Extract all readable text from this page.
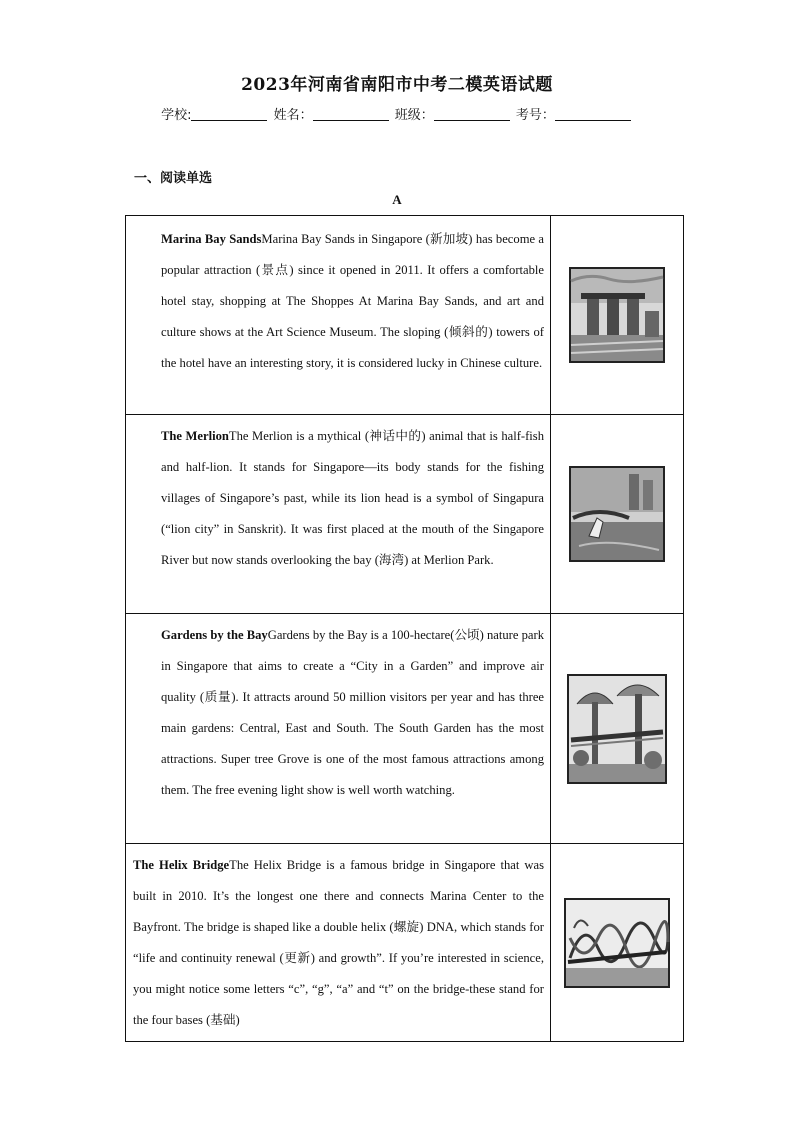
2023年河南省南阳市中考二模英语试题
学校:	姓名：	班级：	考号：
一、阅读单选
A

Marina Bay SandsMarina Bay Sands in Singapore (新加坡) has become a popular attraction (景点) since it opened in 2011. It offers a comfortable hotel stay, shopping at The Shoppes At Marina Bay Sands, and art and culture shows at the Art Science Museum. The sloping (倾斜的) towers of the hotel have an interesting story, it is considered lucky in Chinese culture.

The MerlionThe Merlion is a mythical (神话中的) animal that is half-fish and half-lion. It stands for Singapore—its body stands for the fishing villages of Singapore’s past, while its lion head is a symbol of Singapura (“lion city” in Sanskrit). It was first placed at the mouth of the Singapore River but now stands overlooking the bay (海湾) at Merlion Park.

Gardens by the BayGardens by the Bay is a 100-hectare(公顷) nature park in Singapore that aims to create a “City in a Garden” and improve air quality (质量). It attracts around 50 million visitors per year and has three main gardens: Central, East and South. The South Garden has the most attractions. Super tree Grove is one of the most famous attractions among them. The free evening light show is well worth watching.

The Helix BridgeThe Helix Bridge is a famous bridge in Singapore that was built in 2010. It’s the longest one there and connects Marina Center to the Bayfront. The bridge is shaped like a double helix (螺旋) DNA, which stands for “life and continuity renewal (更新) and growth”. If you’re interested in science, you might notice some letters “c”, “g”, “a” and “t” on the bridge-these stand for the four bases (基础)
